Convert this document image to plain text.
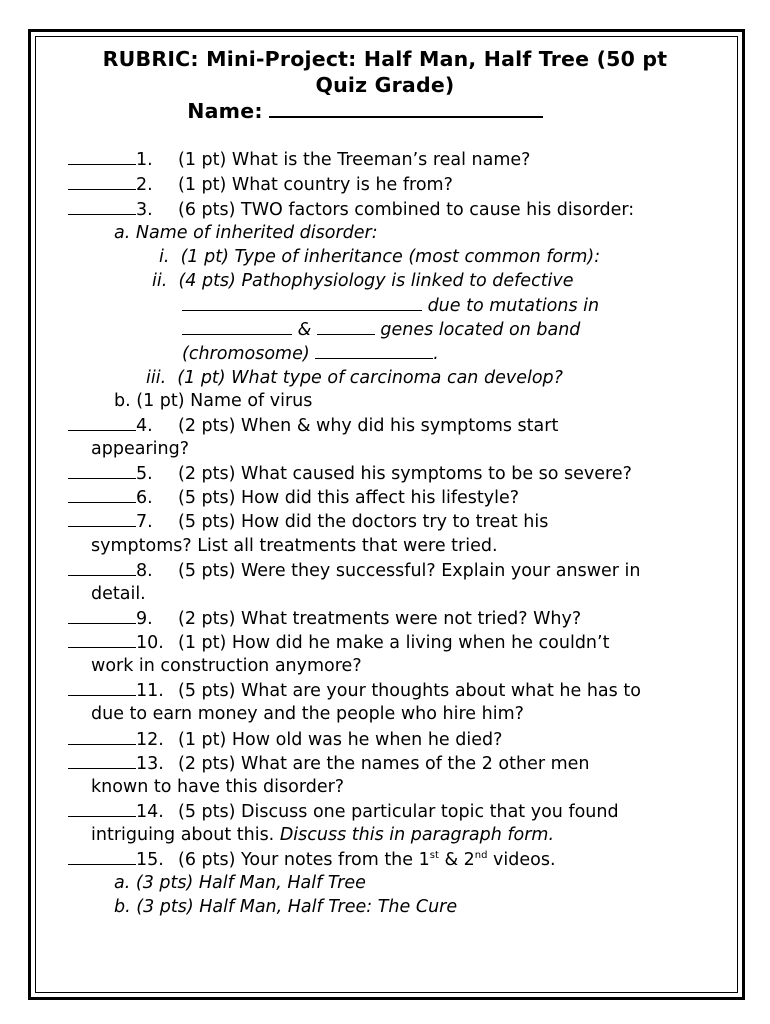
RUBRIC: Mini-Project: Half Man, Half Tree (50 pt
Quiz Grade)
Name:
1. (1 pt) What is the Treeman’s real name?
2. (1 pt) What country is he from?
3. (6 pts) TWO factors combined to cause his disorder:
a. Name of inherited disorder:
i. (1 pt) Type of inheritance (most common form):
ii. (4 pts) Pathophysiology is linked to defective
due to mutations in
&	genes located on band
(chromosome)	.
iii. (1 pt) What type of carcinoma can develop?
b. (1 pt) Name of virus
4. (2 pts) When & why did his symptoms start
appearing?
5. (2 pts) What caused his symptoms to be so severe?
6. (5 pts) How did this affect his lifestyle?
7. (5 pts) How did the doctors try to treat his
symptoms? List all treatments that were tried.
8. (5 pts) Were they successful? Explain your answer in
detail.
9. (2 pts) What treatments were not tried? Why?
10. (1 pt) How did he make a living when he couldn’t
work in construction anymore?
11. (5 pts) What are your thoughts about what he has to
due to earn money and the people who hire him?
12. (1 pt) How old was he when he died?
13. (2 pts) What are the names of the 2 other men
known to have this disorder?
14. (5 pts) Discuss one particular topic that you found
intriguing about this. Discuss this in paragraph form.
15. (6 pts) Your notes from the 1st & 2nd videos.
a. (3 pts) Half Man, Half Tree
b. (3 pts) Half Man, Half Tree: The Cure
